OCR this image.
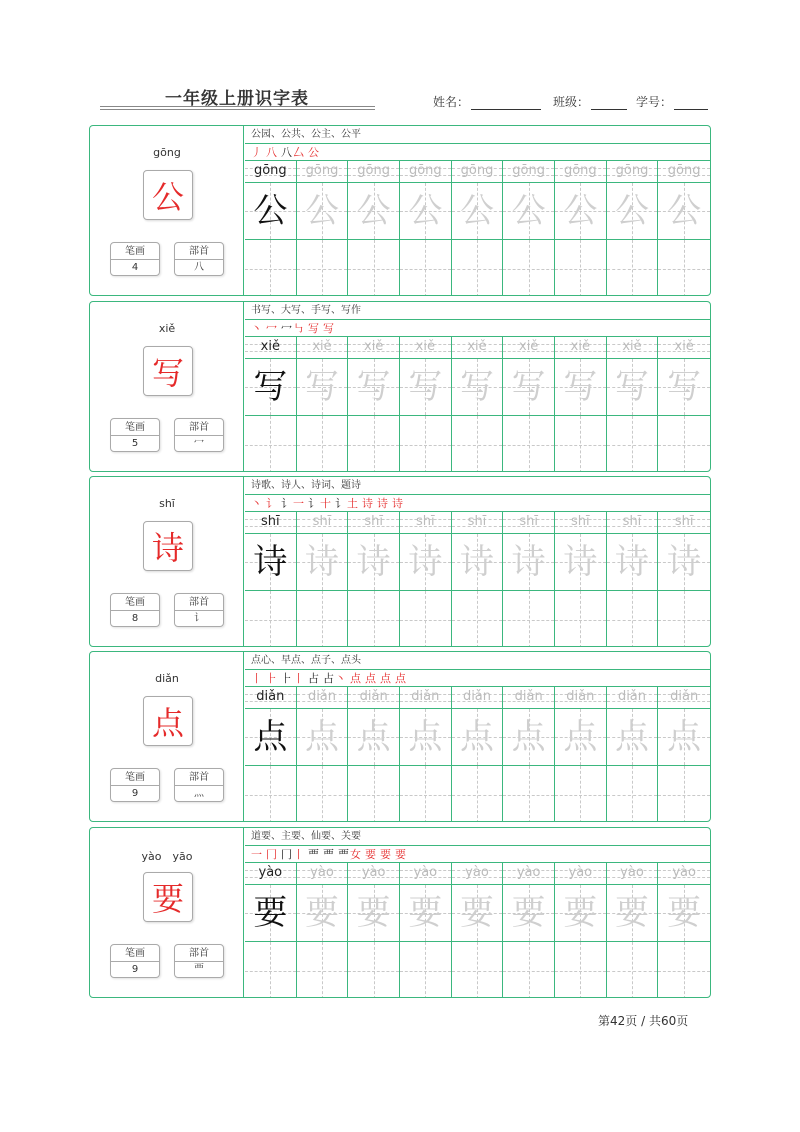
一年级上册识字表	姓名：	班级：	学号：
gōng
公
笔画
4
部首
八
公园、公共、公主、公平
丿 八 八厶 公
gōng
公
gōng
公
gōng
公
gōng
公
gōng
公
gōng
公
gōng
公
gōng
公
gōng
公
xiě
写
笔画
5
部首
冖
书写、大写、手写、写作
丶 冖 冖㇉ 写 写
xiě
写
xiě
写
xiě
写
xiě
写
xiě
写
xiě
写
xiě
写
xiě
写
xiě
写
shī
诗
笔画
8
部首
讠
诗歌、诗人、诗词、题诗
丶 讠 讠一 讠十 讠土 诗 诗 诗
shī
诗
shī
诗
shī
诗
shī
诗
shī
诗
shī
诗
shī
诗
shī
诗
shī
诗
diǎn
点
笔画
9
部首
灬
点心、早点、点子、点头
丨 ⺊ ⺊丨 占 占丶 点 点 点 点
diǎn
点
diǎn
点
diǎn
点
diǎn
点
diǎn
点
diǎn
点
diǎn
点
diǎn
点
diǎn
点
yào　yāo
要
笔画
9
部首
覀
道要、主要、仙要、关要
一 冂 冂丨 覀 覀 覀女 要 要 要
yào
要
yào
要
yào
要
yào
要
yào
要
yào
要
yào
要
yào
要
yào
要
第42页 / 共60页
